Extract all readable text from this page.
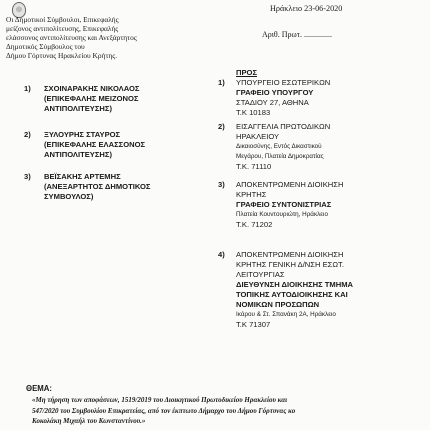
Οι Δημοτικοί Σύμβουλοι, Επικεφαλής
μείζονος αντιπολίτευσης, Επικεφαλής
ελάσσονος αντιπολίτευσης και Ανεξάρτητος
Δημοτικός Σύμβουλος του
Δήμου Γόρτυνας Ηρακλείου Κρήτης.
Ηράκλειο 23-06-2020
Αριθ. Πρωτ. ..............
1) ΣΧΟΙΝΑΡΑΚΗΣ ΝΙΚΟΛΑΟΣ
(ΕΠΙΚΕΦΑΛΗΣ ΜΕΙΖΟΝΟΣ
ΑΝΤΙΠΟΛΙΤΕΥΣΗΣ)
2) ΞΥΛΟΥΡΗΣ ΣΤΑΥΡΟΣ
(ΕΠΙΚΕΦΑΛΗΣ ΕΛΑΣΣΟΝΟΣ
ΑΝΤΙΠΟΛΙΤΕΥΣΗΣ)
3) ΒΕΪΣΑΚΗΣ ΑΡΤΕΜΗΣ
(ΑΝΕΞΑΡΤΗΤΟΣ ΔΗΜΟΤΙΚΟΣ
ΣΥΜΒΟΥΛΟΣ)
1)
ΠΡΟΣ
ΥΠΟΥΡΓΕΙΟ ΕΣΩΤΕΡΙΚΩΝ
ΓΡΑΦΕΙΟ ΥΠΟΥΡΓΟΥ
ΣΤΑΔΙΟΥ 27, ΑΘΗΝΑ
Τ.Κ 10183
2) ΕΙΣΑΓΓΕΛΙΑ ΠΡΩΤΟΔΙΚΩΝ
ΗΡΑΚΛΕΙΟΥ
Δικαιοσύνης, Εντός Δικαστικού
Μεγάρου, Πλατεία Δημοκρατίας
Τ.Κ. 71110
3) ΑΠΟΚΕΝΤΡΩΜΕΝΗ ΔΙΟΙΚΗΣΗ
ΚΡΗΤΗΣ
ΓΡΑΦΕΙΟ ΣΥΝΤΟΝΙΣΤΡΙΑΣ
Πλατεία Κουντουριώτη, Ηράκλειο
Τ.Κ. 71202
4) ΑΠΟΚΕΝΤΡΩΜΕΝΗ ΔΙΟΙΚΗΣΗ
ΚΡΗΤΗΣ ΓΕΝΙΚΗ Δ/ΝΣΗ ΕΣΩΤ.
ΛΕΙΤΟΥΡΓΙΑΣ
ΔΙΕΥΘΥΝΣΗ ΔΙΟΙΚΗΣΗΣ ΤΜΗΜΑ
ΤΟΠΙΚΗΣ ΑΥΤΟΔΙΟΙΚΗΣΗΣ ΚΑΙ
ΝΟΜΙΚΩΝ ΠΡΟΣΩΠΩΝ
Ικάρου & Στ. Σπανάκη 2Α, Ηράκλειο
Τ.Κ 71307
ΘΕΜΑ:
«Μη τήρηση των αποφάσεων, 1519/2019 του Διοικητικού Πρωτοδικείου Ηρακλείου και
547/2020 του Συμβουλίου Επικρατείας, από τον έκπτωτο Δήμαρχο του Δήμου Γόρτυνας κο
Κοκολάκη Μιχαήλ του Κωνσταντίνου.»
